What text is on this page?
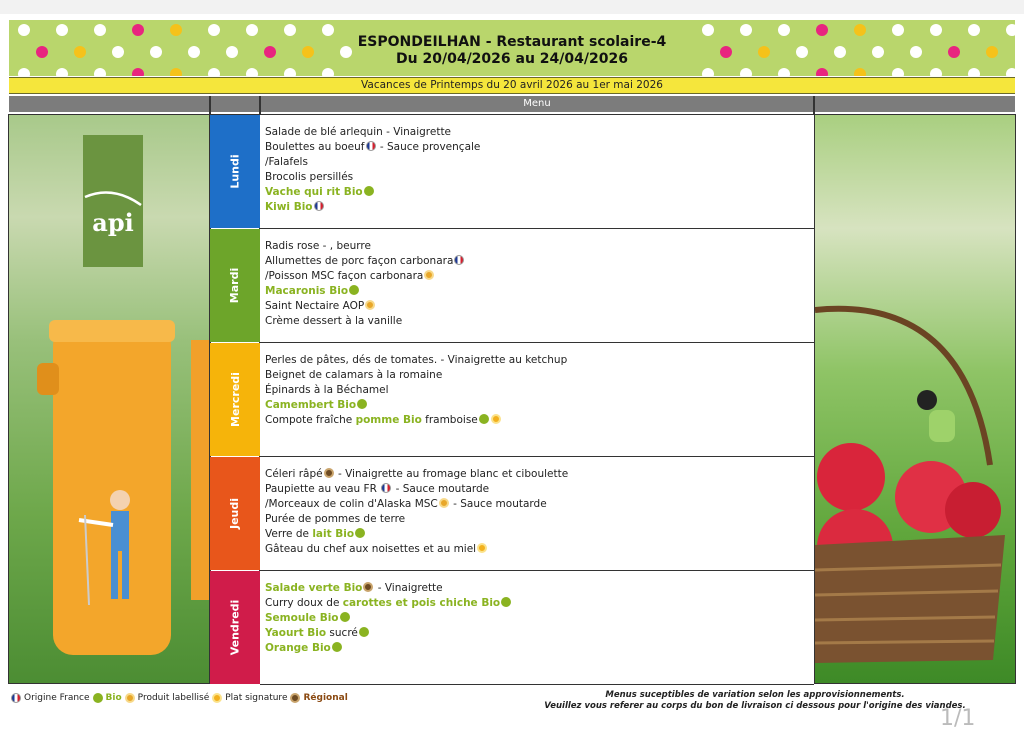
ESPONDEILHAN - Restaurant scolaire-4
Du 20/04/2026 au 24/04/2026
Vacances de Printemps du 20 avril 2026 au 1er mai 2026
Menu
api
Lundi
Salade de blé arlequin - Vinaigrette
Boulettes au boeuf - Sauce provençale
/Falafels
Brocolis persillés
Vache qui rit Bio
Kiwi Bio
Mardi
Radis rose - , beurre
Allumettes de porc façon carbonara
/Poisson MSC façon carbonara
Macaronis Bio
Saint Nectaire AOP
Crème dessert à la vanille
Mercredi
Perles de pâtes, dés de tomates. - Vinaigrette au ketchup
Beignet de calamars à la romaine
Épinards à la Béchamel
Camembert Bio
Compote fraîche pomme Bio framboise
Jeudi
Céleri râpé - Vinaigrette au fromage blanc et ciboulette
Paupiette au veau FR  - Sauce moutarde
/Morceaux de colin d'Alaska MSC - Sauce moutarde
Purée de pommes de terre
Verre de lait Bio
Gâteau du chef aux noisettes et au miel
Vendredi
Salade verte Bio - Vinaigrette
Curry doux de carottes et pois chiche Bio
Semoule Bio
Yaourt Bio sucré
Orange Bio
Origine France Bio Produit labellisé Plat signature Régional	Menus suceptibles de variation selon les approvisionnements.
Veuillez vous referer au corps du bon de livraison ci dessous pour l'origine des viandes.
1/1
